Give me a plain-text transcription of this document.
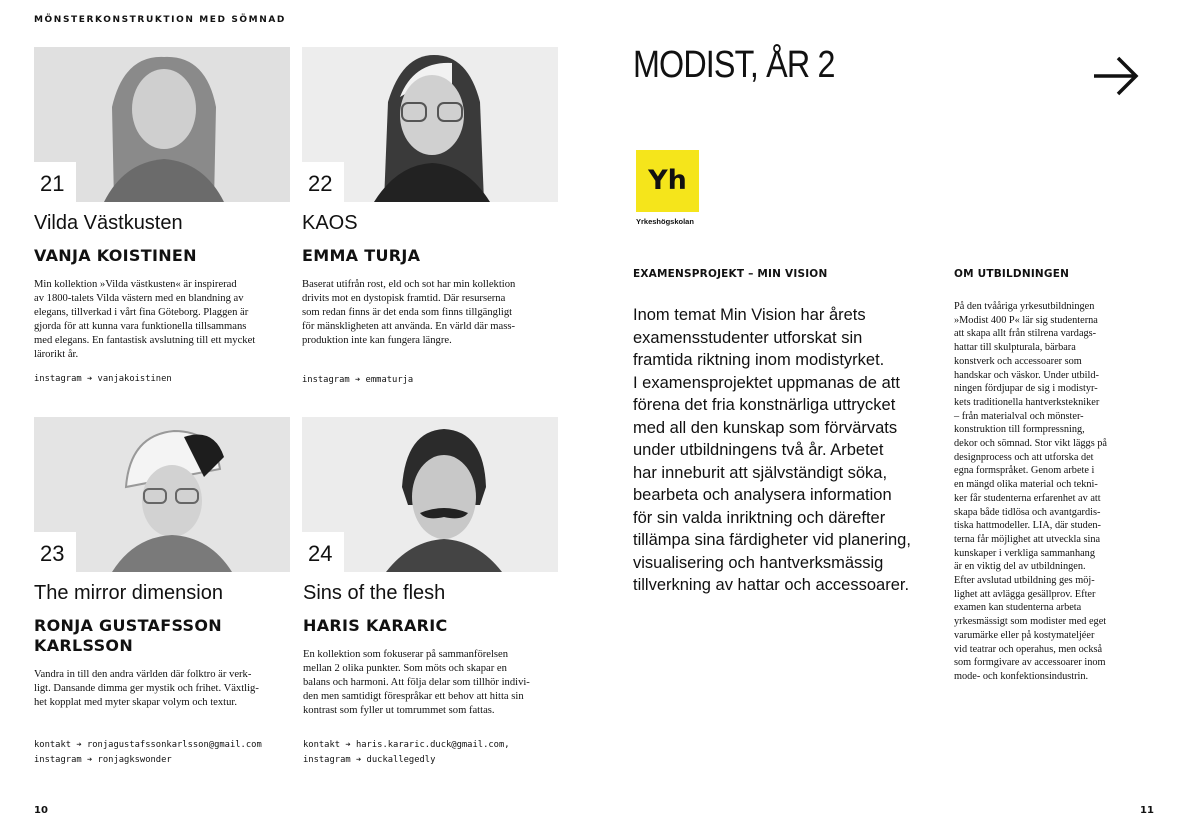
MÖNSTERKONSTRUKTION MED SÖMNAD
21
Vilda Västkusten
VANJA KOISTINEN
Min kollektion »Vilda västkusten« är inspirerad
av 1800-talets Vilda västern med en blandning av
elegans, tillverkad i vårt fina Göteborg. Plaggen är
gjorda för att kunna vara funktionella tillsammans
med elegans. En fantastisk avslutning till ett mycket
lärorikt år.
instagram ➔ vanjakoistinen
22
KAOS
EMMA TURJA
Baserat utifrån rost, eld och sot har min kollektion
drivits mot en dystopisk framtid. Där resurserna
som redan finns är det enda som finns tillgängligt
för mänskligheten att använda. En värld där mass-
produktion inte kan fungera längre.
instagram ➔ emmaturja
23
The mirror dimension
RONJA GUSTAFSSON
KARLSSON
Vandra in till den andra världen där folktro är verk-
ligt. Dansande dimma ger mystik och frihet. Växtlig-
het kopplat med myter skapar volym och textur.
kontakt ➔ ronjagustafssonkarlsson@gmail.com
instagram ➔ ronjagkswonder
24
Sins of the flesh
HARIS KARARIC
En kollektion som fokuserar på sammanförelsen
mellan 2 olika punkter. Som möts och skapar en
balans och harmoni. Att följa delar som tillhör indivi-
den men samtidigt förespråkar ett behov att hitta sin
kontrast som fyller ut tomrummet som fattas.
kontakt ➔ haris.kararic.duck@gmail.com,
instagram ➔ duckallegedly
MODIST, ÅR 2
Yh
Yrkeshögskolan
EXAMENSPROJEKT – MIN VISION
Inom temat Min Vision har årets
examensstudenter utforskat sin
framtida riktning inom modistyrket.
I examensprojektet uppmanas de att
förena det fria konstnärliga uttrycket
med all den kunskap som förvärvats
under utbildningens två år. Arbetet
har inneburit att självständigt söka,
bearbeta och analysera information
för sin valda inriktning och därefter
tillämpa sina färdigheter vid planering,
visualisering och hantverksmässig
tillverkning av hattar och accessoarer.
OM UTBILDNINGEN
På den tvååriga yrkesutbildningen
»Modist 400 P« lär sig studenterna
att skapa allt från stilrena vardags-
hattar till skulpturala, bärbara
konstverk och accessoarer som
handskar och väskor. Under utbild-
ningen fördjupar de sig i modistyr-
kets traditionella hantverkstekniker
– från materialval och mönster-
konstruktion till formpressning,
dekor och sömnad. Stor vikt läggs på
designprocess och att utforska det
egna formspråket. Genom arbete i
en mängd olika material och tekni-
ker får studenterna erfarenhet av att
skapa både tidlösa och avantgardis-
tiska hattmodeller. LIA, där studen-
terna får möjlighet att utveckla sina
kunskaper i verkliga sammanhang
är en viktig del av utbildningen.
Efter avslutad utbildning ges möj-
lighet att avlägga gesällprov. Efter
examen kan studenterna arbeta
yrkesmässigt som modister med eget
varumärke eller på kostymateljéer
vid teatrar och operahus, men också
som formgivare av accessoarer inom
mode- och konfektionsindustrin.
10	11
